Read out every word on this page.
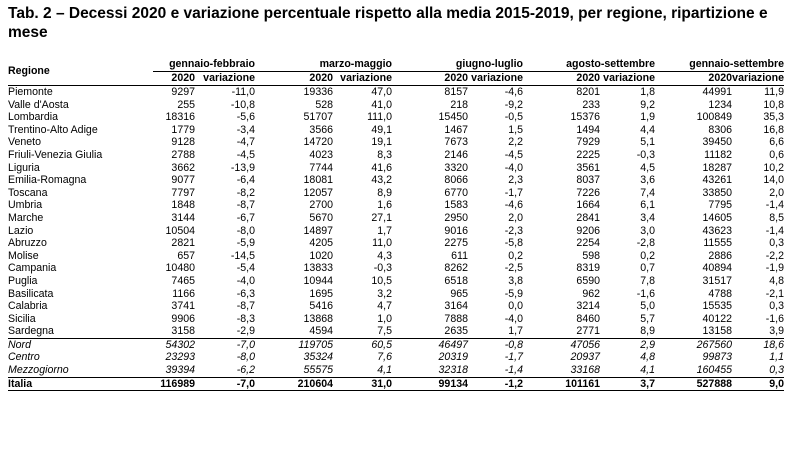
Tab. 2 – Decessi 2020 e variazione percentuale rispetto alla media 2015-2019, per regione, ripartizione e mese
Regione	gennaio-febbraio		marzo-maggio		giugno-luglio		agosto-settembre		gennaio-settembre	
	2020	variazione	2020	variazione	2020	variazione	2020	variazione	2020	variazione
Piemonte	9297	-11,0	19336	47,0	8157	-4,6	8201	1,8	44991	11,9
Valle d'Aosta	255	-10,8	528	41,0	218	-9,2	233	9,2	1234	10,8
Lombardia	18316	-5,6	51707	111,0	15450	-0,5	15376	1,9	100849	35,3
Trentino-Alto Adige	1779	-3,4	3566	49,1	1467	1,5	1494	4,4	8306	16,8
Veneto	9128	-4,7	14720	19,1	7673	2,2	7929	5,1	39450	6,6
Friuli-Venezia Giulia	2788	-4,5	4023	8,3	2146	-4,5	2225	-0,3	11182	0,6
Liguria	3662	-13,9	7744	41,6	3320	-4,0	3561	4,5	18287	10,2
Emilia-Romagna	9077	-6,4	18081	43,2	8066	2,3	8037	3,6	43261	14,0
Toscana	7797	-8,2	12057	8,9	6770	-1,7	7226	7,4	33850	2,0
Umbria	1848	-8,7	2700	1,6	1583	-4,6	1664	6,1	7795	-1,4
Marche	3144	-6,7	5670	27,1	2950	2,0	2841	3,4	14605	8,5
Lazio	10504	-8,0	14897	1,7	9016	-2,3	9206	3,0	43623	-1,4
Abruzzo	2821	-5,9	4205	11,0	2275	-5,8	2254	-2,8	11555	0,3
Molise	657	-14,5	1020	4,3	611	0,2	598	0,2	2886	-2,2
Campania	10480	-5,4	13833	-0,3	8262	-2,5	8319	0,7	40894	-1,9
Puglia	7465	-4,0	10944	10,5	6518	3,8	6590	7,8	31517	4,8
Basilicata	1166	-6,3	1695	3,2	965	-5,9	962	-1,6	4788	-2,1
Calabria	3741	-8,7	5416	4,7	3164	0,0	3214	5,0	15535	0,3
Sicilia	9906	-8,3	13868	1,0	7888	-4,0	8460	5,7	40122	-1,6
Sardegna	3158	-2,9	4594	7,5	2635	1,7	2771	8,9	13158	3,9
Nord	54302	-7,0	119705	60,5	46497	-0,8	47056	2,9	267560	18,6
Centro	23293	-8,0	35324	7,6	20319	-1,7	20937	4,8	99873	1,1
Mezzogiorno	39394	-6,2	55575	4,1	32318	-1,4	33168	4,1	160455	0,3
Italia	116989	-7,0	210604	31,0	99134	-1,2	101161	3,7	527888	9,0
